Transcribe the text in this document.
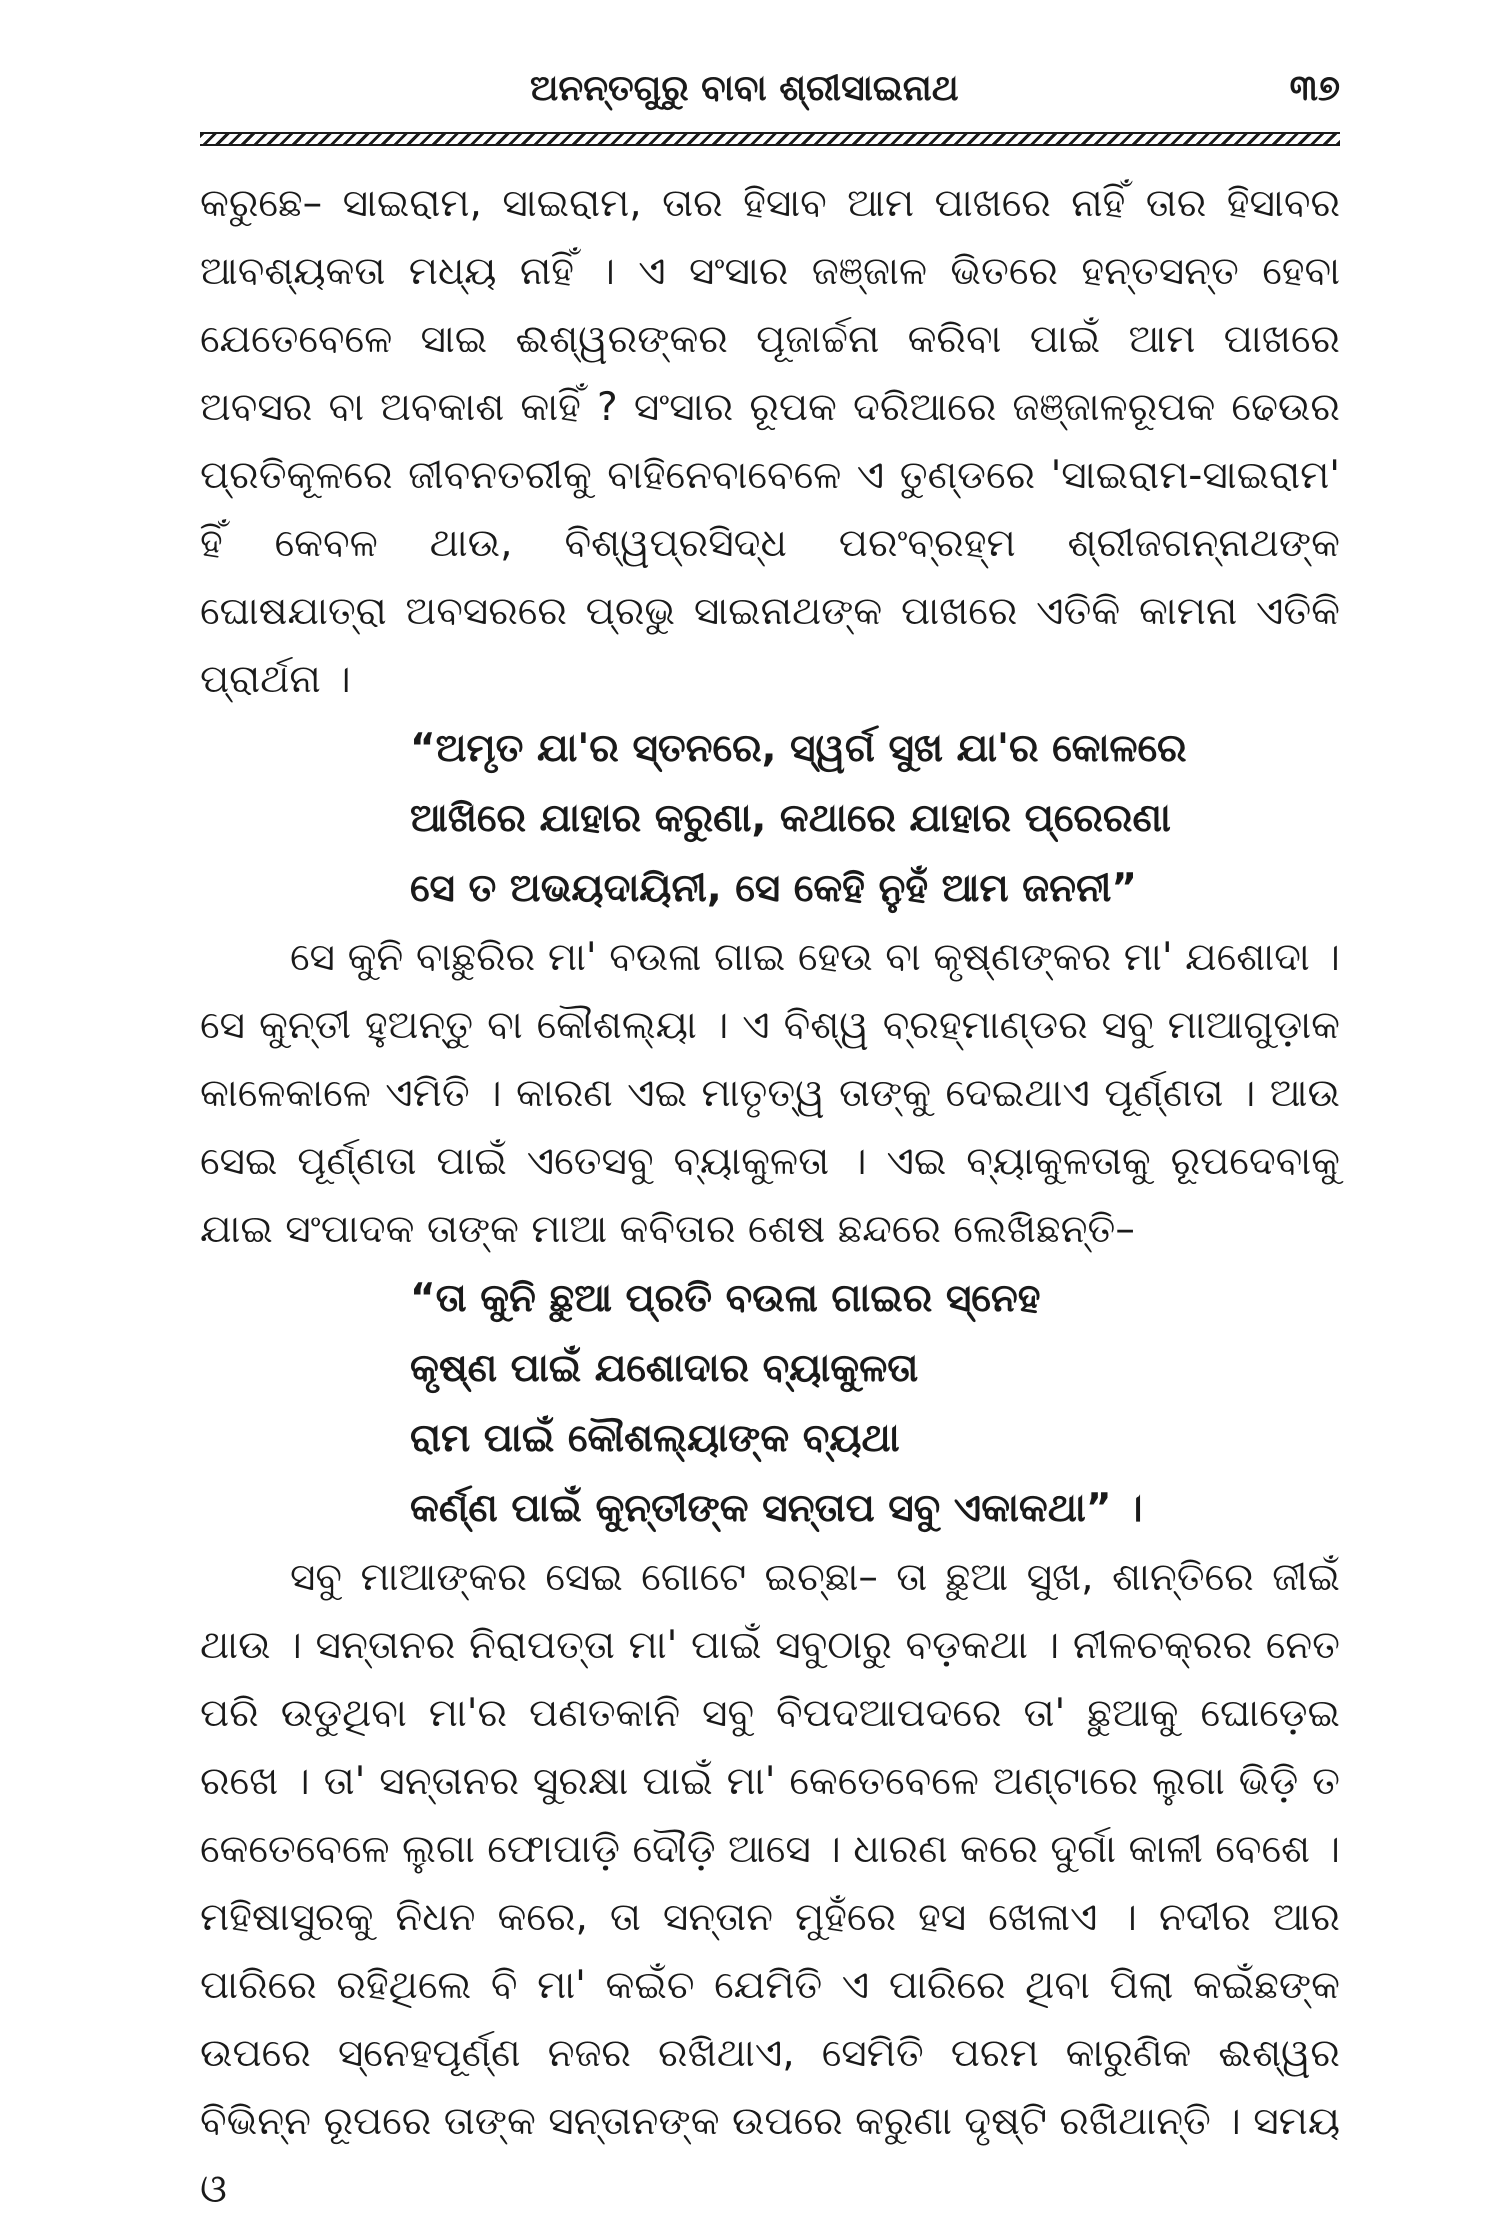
ଅନନ୍ତଗୁରୁ ବାବା ଶ୍ରୀସାଇନାଥ	୩୭

କରୁଛେ– ସାଇରାମ, ସାଇରାମ, ତାର ହିସାବ ଆମ ପାଖରେ ନାହିଁ ତାର ହିସାବର ଆବଶ୍ୟକତା ମଧ୍ୟ ନାହିଁ । ଏ ସଂସାର ଜଞ୍ଜାଳ ଭିତରେ ହନ୍ତସନ୍ତ ହେବା ଯେତେବେଳେ ସାଇ ଈଶ୍ୱରଙ୍କର ପୂଜାର୍ଚ୍ଚନା କରିବା ପାଇଁ ଆମ ପାଖରେ ଅବସର ବା ଅବକାଶ କାହିଁ ? ସଂସାର ରୂପକ ଦରିଆରେ ଜଞ୍ଜାଳରୂପକ ଢେଉର ପ୍ରତିକୂଳରେ ଜୀବନତରୀକୁ ବାହିନେବାବେଳେ ଏ ତୁଣ୍ଡରେ 'ସାଇରାମ-ସାଇରାମ' ହିଁ କେବଳ ଥାଉ, ବିଶ୍ୱପ୍ରସିଦ୍ଧ ପରଂବ୍ରହ୍ମ ଶ୍ରୀଜଗନ୍ନାଥଙ୍କ ଘୋଷଯାତ୍ରା ଅବସରରେ ପ୍ରଭୁ ସାଇନାଥଙ୍କ ପାଖରେ ଏତିକି କାମନା ଏତିକି ପ୍ରାର୍ଥନା ।

“ଅମୃତ ଯା'ର ସ୍ତନରେ, ସ୍ୱର୍ଗ ସୁଖ ଯା'ର କୋଳରେ
ଆଖିରେ ଯାହାର କରୁଣା, କଥାରେ ଯାହାର ପ୍ରେରଣା
ସେ ତ ଅଭୟଦାୟିନୀ, ସେ କେହି ନୁହଁ ଆମ ଜନନୀ”

ସେ କୁନି ବାଛୁରିର ମା' ବଉଳା ଗାଇ ହେଉ ବା କୃଷ୍ଣଙ୍କର ମା' ଯଶୋଦା । ସେ କୁନ୍ତୀ ହୁଅନ୍ତୁ ବା କୌଶଲ୍ୟା । ଏ ବିଶ୍ୱ ବ୍ରହ୍ମାଣ୍ଡର ସବୁ ମାଆଗୁଡ଼ାକ କାଳେକାଳେ ଏମିତି । କାରଣ ଏଇ ମାତୃତ୍ୱ ତାଙ୍କୁ ଦେଇଥାଏ ପୂର୍ଣ୍ଣତା । ଆଉ ସେଇ ପୂର୍ଣ୍ଣତା ପାଇଁ ଏତେସବୁ ବ୍ୟାକୁଳତା । ଏଇ ବ୍ୟାକୁଳତାକୁ ରୂପଦେବାକୁ ଯାଇ ସଂପାଦକ ତାଙ୍କ ମାଆ କବିତାର ଶେଷ ଛନ୍ଦରେ ଲେଖିଛନ୍ତି–

“ତା କୁନି ଛୁଆ ପ୍ରତି ବଉଳା ଗାଇର ସ୍ନେହ
କୃଷ୍ଣ ପାଇଁ ଯଶୋଦାର ବ୍ୟାକୁଳତା
ରାମ ପାଇଁ କୌଶଲ୍ୟାଙ୍କ ବ୍ୟଥା
କର୍ଣ୍ଣ ପାଇଁ କୁନ୍ତୀଙ୍କ ସନ୍ତାପ ସବୁ ଏକାକଥା” ।

ସବୁ ମାଆଙ୍କର ସେଇ ଗୋଟେ ଇଚ୍ଛା– ତା ଛୁଆ ସୁଖ, ଶାନ୍ତିରେ ଜୀଇଁ ଥାଉ । ସନ୍ତାନର ନିରାପତ୍ତା ମା' ପାଇଁ ସବୁଠାରୁ ବଡ଼କଥା । ନୀଳଚକ୍ରର ନେତ ପରି ଉଡୁଥିବା ମା'ର ପଣତକାନି ସବୁ ବିପଦଆପଦରେ ତା' ଛୁଆକୁ ଘୋଡ଼େଇ ରଖେ । ତା' ସନ୍ତାନର ସୁରକ୍ଷା ପାଇଁ ମା' କେତେବେଳେ ଅଣ୍ଟାରେ ଲୁଗା ଭିଡ଼ି ତ କେତେବେଳେ ଲୁଗା ଫୋପାଡ଼ି ଦୌଡ଼ି ଆସେ । ଧାରଣ କରେ ଦୁର୍ଗା କାଳୀ ବେଶେ । ମହିଷାସୁରକୁ ନିଧନ କରେ, ତା ସନ୍ତାନ ମୁହଁରେ ହସ ଖେଳାଏ । ନଦୀର ଆର ପାରିରେ ରହିଥିଲେ ବି ମା' କଇଁଚ ଯେମିତି ଏ ପାରିରେ ଥିବା ପିଲା କଇଁଛଙ୍କ ଉପରେ ସ୍ନେହପୂର୍ଣ୍ଣ ନଜର ରଖିଥାଏ, ସେମିତି ପରମ କାରୁଣିକ ଈଶ୍ୱର ବିଭିନ୍ନ ରୂପରେ ତାଙ୍କ ସନ୍ତାନଙ୍କ ଉପରେ କରୁଣା ଦୃଷ୍ଟି ରଖିଥାନ୍ତି । ସମୟ ଓ
